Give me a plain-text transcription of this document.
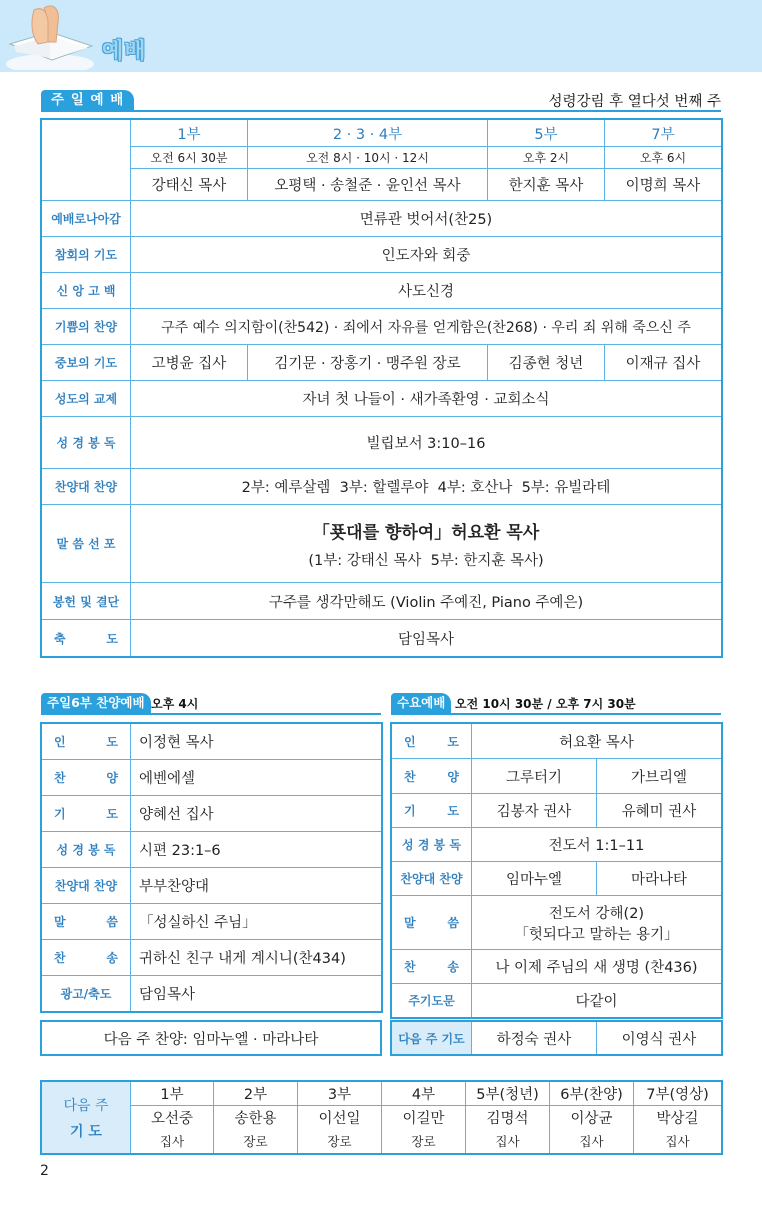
예배
주 일 예 배	성령강림 후 열다섯 번째 주
	1부	2 · 3 · 4부	5부	7부
	오전 6시 30분	오전 8시 · 10시 · 12시	오후 2시	오후 6시
	강태신 목사	오평택 · 송철준 · 윤인선 목사	한지훈 목사	이명희 목사
예배로나아감	면류관 벗어서(찬25)			
참회의 기도	인도자와 회중			
신 앙 고 백	사도신경			
기쁨의 찬양	구주 예수 의지함이(찬542) · 죄에서 자유를 얻게함은(찬268) · 우리 죄 위해 죽으신 주			
중보의 기도	고병윤 집사	김기문 · 장홍기 · 맹주원 장로	김종현 청년	이재규 집사
성도의 교제	자녀 첫 나들이 · 새가족환영 · 교회소식			
성 경 봉 독	빌립보서 3:10–16			
찬양대 찬양	2부: 예루살렘  3부: 할렐루야  4부: 호산나  5부: 유빌라테			
말 씀 선 포	「푯대를 향하여」허요환 목사
(1부: 강태신 목사  5부: 한지훈 목사)			

봉헌 및 결단	구주를 생각만해도 (Violin 주예진, Piano 주예은)			
축 도	담임목사			
주일6부 찬양예배 오후 4시
인 도	이정현 목사
찬 양	에벤에셀
기 도	양혜선 집사
성 경 봉 독	시편 23:1–6
찬양대 찬양	부부찬양대
말 씀	「성실하신 주님」
찬 송	귀하신 친구 내게 계시니(찬434)
광고/축도	담임목사
다음 주 찬양: 임마누엘 · 마라나타
수요예배 오전 10시 30분 / 오후 7시 30분
인 도	허요환 목사	
찬 양	그루터기	가브리엘
기 도	김봉자 권사	유혜미 권사
성 경 봉 독	전도서 1:1–11	
찬양대 찬양	임마누엘	마라나타
말 씀	전도서 강해(2)
「헛되다고 말하는 용기」	

찬 송	나 이제 주님의 새 생명 (찬436)	
주기도문	다같이	
다음 주 기도	하정숙 권사	이영식 권사
다음 주
기 도	1부	2부	3부	4부	5부(청년)	6부(찬양)	7부(영상)
	오선중	송한용	이선일	이길만	김명석	이상균	박상길
	집사	장로	장로	장로	집사	집사	집사
2
